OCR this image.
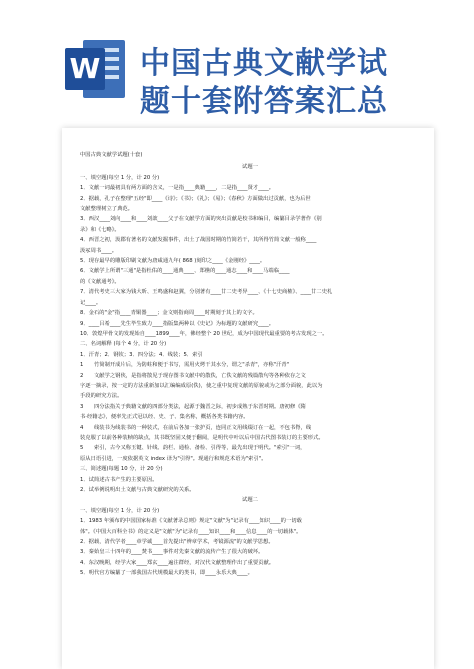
W 中国古典文献学试
题十套附答案汇总

中国古典文献学试题(十套)

试题一

一、填空题(每空 1 分，计 20 分)

1．文献一词最初具有两方面的含义，一是指____典籍____，二是指____贤才____。

2．据载，孔子在整理"五经"即____《诗》；《书》；《礼》；《易》；《春秋》方面做出过贡献，也为后世

文献整理树立了典范。

3．西汉____刘向____和____刘歆____父子在文献学方面的突出贡献是校书和编目，编纂目录学著作《别

录》和《七略》。

4．西晋之初，汲郡有著名的文献发掘事件，出土了战国时期的竹简若干，其所得竹简文献一般称____

汲冢周书____。

5．现存最早的雕版印刷文献为唐咸通九年( 868 )刻印之____《金刚经》____。

6．文献学上所谓"三通"是指杜佑的____通典____、郑樵的____通志____和____马端临____

的《文献通考》。

7．清代考史三大家为钱大昕、王鸣盛和赵翼，分别著有____廿二史考异____、《十七史商榷》、____廿二史札

记____。

8．金石的"金"指____青铜器____；金文则指商周____时期刻于其上的文字。

9．____吕希____先生毕生致力____指版集两种以《史记》为标题的文献研究____。

10．敦煌甲骨文的发现始自____1899____年，佛经整个 20 世纪，成为中国现代最重要的考古发现之一。

二、名词解释 (每个 4 分，计 20 分)

1．汗青；2．钢钦；3．四分法；4．线装；5．索引

1　　竹简制开成片后，为防蛀和便于书写，需用火烤干其水分，谓之"杀青"，亦称"汗青"

2　　文献学之钢侠，是指将散见于现存图书文献中的散佚，亡佚文献的残篇散句等各种依存之文

字逐一摘录，按一定的方法重新加以汇编编成原(佚)，使之重中复现文献的原貌或为之部分面貌，此以为

手段的研究方法。

3　　四分法指关于典籍文献的四部分类法，起源于魏晋之际，初步成熟于东晋时期。唐初修《隋

书·经籍志》，便率先正式冠以经、史、子、集名称，概括各类书籍内容。

4　　线装书为线装书的一种装式，在前后各加一张护页，连同正文用线缀订在一起，不包书脊，线

装克服了以前各种装帧的缺点，其书既坚固又便于翻阅，是明代中叶以后中国古代图书装订的主要形式。

5　　索引，古今又称玉键、针线、韵栏、通检、备检、引得等，最先出现于明代。"索引"一词，

原从日语引进，一度依据英文 index 译为"引得"。现通行和规范术语为"索引"。

三、简述题(每题 10 分，计 20 分)

1．试简述古书产生的主要原因。

2．试举例说明出土文献与古典文献研究的关系。

试题二

一、填空题(每空 1 分，计 20 分)

1．1983 年颁布的中国国家标准《文献著录总则》规定"文献"为"记录有____知识____的一切载

体"。《中国大百科全书》的定义是"文献"为"记录有____知识____和____信息____的一切载体"。

2．据载，清代学者____章学诚____首先提出"辨章学术，考镜源流"的文献学思想。

3．秦始皇三十四年的____焚书____事件对先秦文献的流传产生了很大的破坏。

4．东汉晚期，经学大家____郑玄____遍注群经，对汉代文献整理作出了重要贡献。

5．明代官方编纂了一部我国古代规模最大的类书，即____永乐大典____。
